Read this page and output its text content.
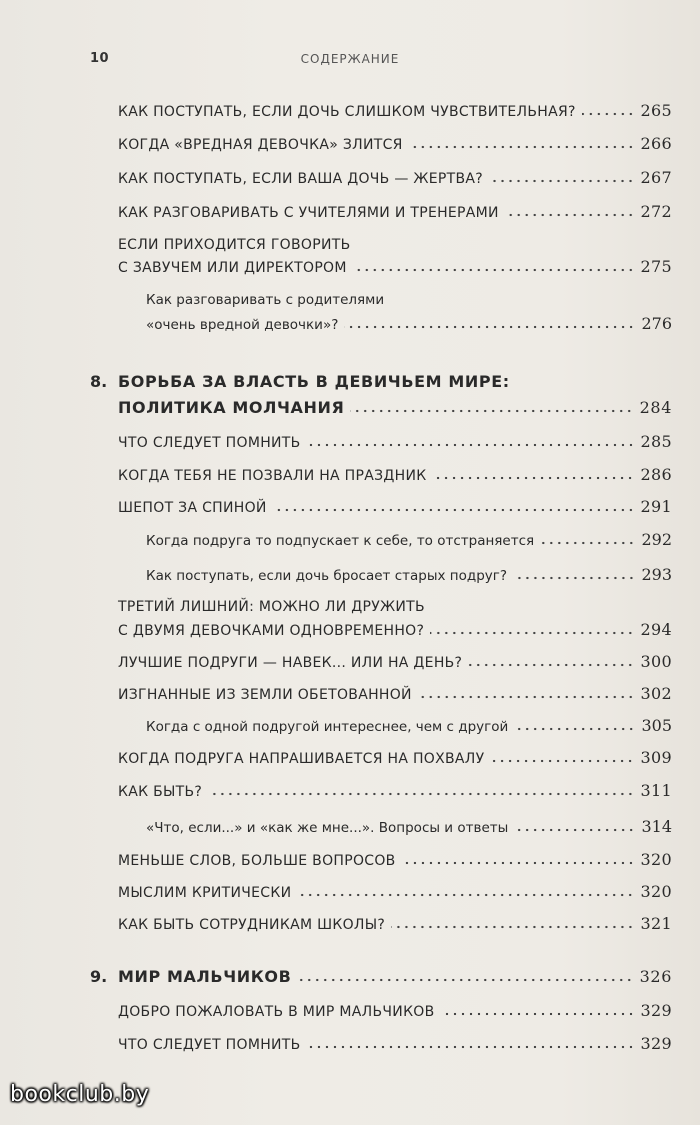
10	СОДЕРЖАНИЕ
КАК ПОСТУПАТЬ, ЕСЛИ ДОЧЬ СЛИШКОМ ЧУВСТВИТЕЛЬНАЯ?	265
КОГДА «ВРЕДНАЯ ДЕВОЧКА» ЗЛИТСЯ	266
КАК ПОСТУПАТЬ, ЕСЛИ ВАША ДОЧЬ — ЖЕРТВА?	267
КАК РАЗГОВАРИВАТЬ С УЧИТЕЛЯМИ И ТРЕНЕРАМИ	272
ЕСЛИ ПРИХОДИТСЯ ГОВОРИТЬ
С ЗАВУЧЕМ ИЛИ ДИРЕКТОРОМ	275
Как разговаривать с родителями
«очень вредной девочки»?	276
8. БОРЬБА ЗА ВЛАСТЬ В ДЕВИЧЬЕМ МИРЕ:
ПОЛИТИКА МОЛЧАНИЯ	284
ЧТО СЛЕДУЕТ ПОМНИТЬ	285
КОГДА ТЕБЯ НЕ ПОЗВАЛИ НА ПРАЗДНИК	286
ШЕПОТ ЗА СПИНОЙ	291
Когда подруга то подпускает к себе, то отстраняется	292
Как поступать, если дочь бросает старых подруг?	293
ТРЕТИЙ ЛИШНИЙ: МОЖНО ЛИ ДРУЖИТЬ
С ДВУМЯ ДЕВОЧКАМИ ОДНОВРЕМЕННО?	294
ЛУЧШИЕ ПОДРУГИ — НАВЕК... ИЛИ НА ДЕНЬ?	300
ИЗГНАННЫЕ ИЗ ЗЕМЛИ ОБЕТОВАННОЙ	302
Когда с одной подругой интереснее, чем с другой	305
КОГДА ПОДРУГА НАПРАШИВАЕТСЯ НА ПОХВАЛУ	309
КАК БЫТЬ?	311
«Что, если...» и «как же мне...». Вопросы и ответы	314
МЕНЬШЕ СЛОВ, БОЛЬШЕ ВОПРОСОВ	320
МЫСЛИМ КРИТИЧЕСКИ	320
КАК БЫТЬ СОТРУДНИКАМ ШКОЛЫ?	321
9. МИР МАЛЬЧИКОВ	326
ДОБРО ПОЖАЛОВАТЬ В МИР МАЛЬЧИКОВ	329
ЧТО СЛЕДУЕТ ПОМНИТЬ	329
bookclub.by
